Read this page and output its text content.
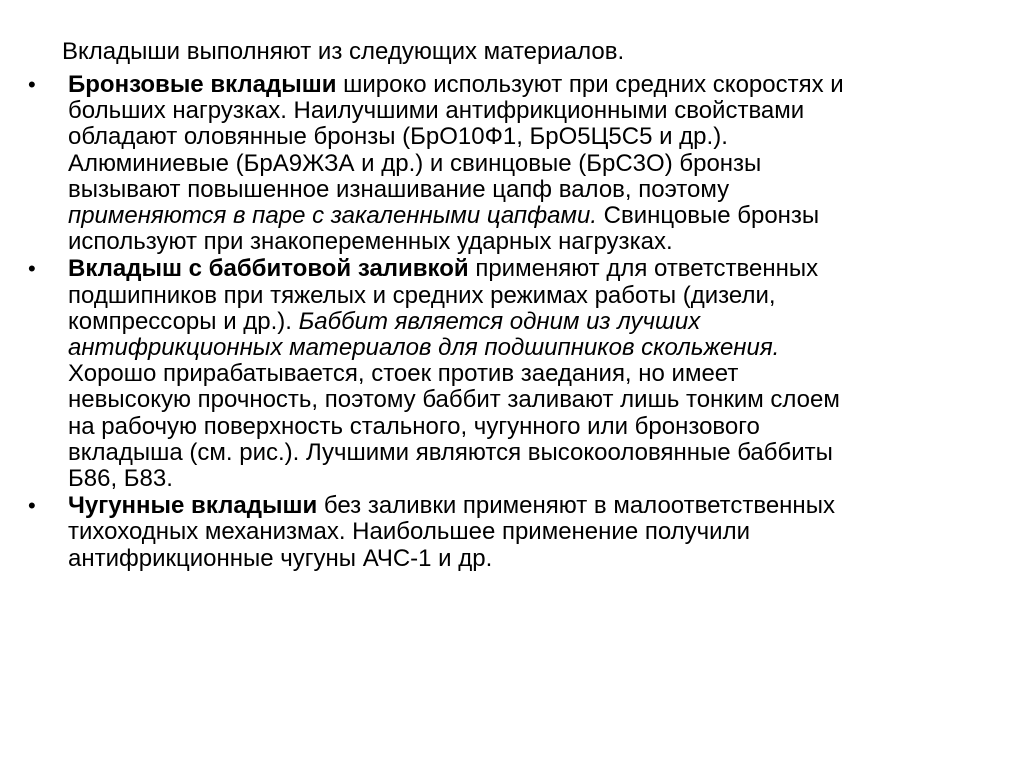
Вкладыши выполняют из следующих материалов.
• Бронзовые вкладыши широко используют при средних скоростях и
больших нагрузках. Наилучшими антифрикционными свойствами
обладают оловянные бронзы (БрО10Ф1, БрО5Ц5С5 и др.).
Алюминиевые (БрА9ЖЗА и др.) и свинцовые (БрС3О) бронзы
вызывают повышенное изнашивание цапф валов, поэтому
применяются в паре с закаленными цапфами. Свинцовые бронзы
используют при знакопеременных ударных нагрузках.
• Вкладыш с баббитовой заливкой применяют для ответственных
подшипников при тяжелых и средних режимах работы (дизели,
компрессоры и др.). Баббит является одним из лучших
антифрикционных материалов для подшипников скольжения.
Хорошо прирабатывается, стоек против заедания, но имеет
невысокую прочность, поэтому баббит заливают лишь тонким слоем
на рабочую поверхность стального, чугунного или бронзового
вкладыша (см. рис.). Лучшими являются высокооловянные баббиты
Б86, Б83.
• Чугунные вкладыши без заливки применяют в малоответственных
тихоходных механизмах. Наибольшее применение получили
антифрикционные чугуны АЧС-1 и др.
